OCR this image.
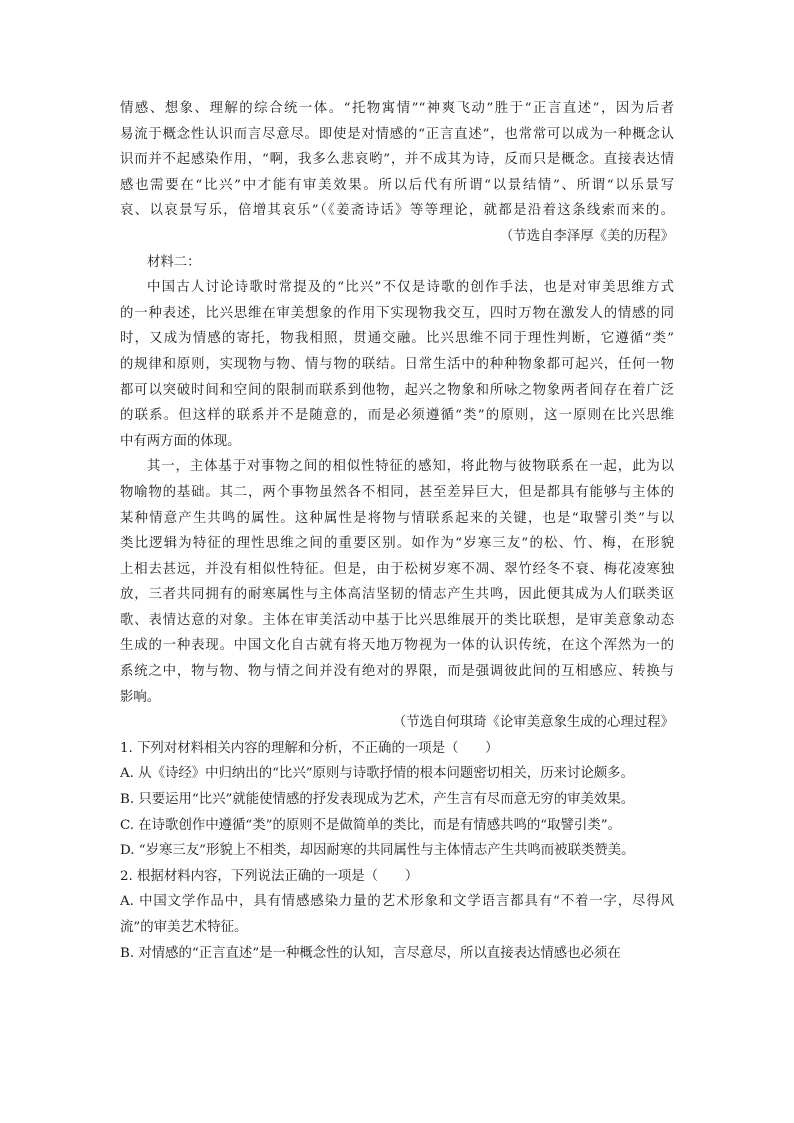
情感、想象、理解的综合统一体。“托物寓情”“神爽飞动”胜于“正言直述”，因为后者
易流于概念性认识而言尽意尽。即使是对情感的“正言直述”，也常常可以成为一种概念认
识而并不起感染作用，“啊，我多么悲哀哟”，并不成其为诗，反而只是概念。直接表达情
感也需要在“比兴”中才能有审美效果。所以后代有所谓“以景结情”、所谓“以乐景写
哀、以哀景写乐，倍增其哀乐”（《姜斋诗话》等等理论，就都是沿着这条线索而来的。
（节选自李泽厚《美的历程》
材料二：
中国古人讨论诗歌时常提及的“比兴”不仅是诗歌的创作手法，也是对审美思维方式
的一种表述，比兴思维在审美想象的作用下实现物我交互，四时万物在激发人的情感的同
时，又成为情感的寄托，物我相照，贯通交融。比兴思维不同于理性判断，它遵循“类”
的规律和原则，实现物与物、情与物的联结。日常生活中的种种物象都可起兴，任何一物
都可以突破时间和空间的限制而联系到他物，起兴之物象和所咏之物象两者间存在着广泛
的联系。但这样的联系并不是随意的，而是必须遵循“类”的原则，这一原则在比兴思维
中有两方面的体现。
其一，主体基于对事物之间的相似性特征的感知，将此物与彼物联系在一起，此为以
物喻物的基础。其二，两个事物虽然各不相同，甚至差异巨大，但是都具有能够与主体的
某种情意产生共鸣的属性。这种属性是将物与情联系起来的关键，也是“取譬引类”与以
类比逻辑为特征的理性思维之间的重要区别。如作为“岁寒三友”的松、竹、梅，在形貌
上相去甚远，并没有相似性特征。但是，由于松树岁寒不凋、翠竹经冬不衰、梅花凌寒独
放，三者共同拥有的耐寒属性与主体高洁坚韧的情志产生共鸣，因此便其成为人们联类讴
歌、表情达意的对象。主体在审美活动中基于比兴思维展开的类比联想，是审美意象动态
生成的一种表现。中国文化自古就有将天地万物视为一体的认识传统，在这个浑然为一的
系统之中，物与物、物与情之间并没有绝对的界限，而是强调彼此间的互相感应、转换与
影响。
（节选自何琪琦《论审美意象生成的心理过程》
1. 下列对材料相关内容的理解和分析，不正确的一项是（　　）
A. 从《诗经》中归纳出的“比兴”原则与诗歌抒情的根本问题密切相关，历来讨论颇多。
B. 只要运用“比兴”就能使情感的抒发表现成为艺术，产生言有尽而意无穷的审美效果。
C. 在诗歌创作中遵循“类”的原则不是做简单的类比，而是有情感共鸣的“取譬引类”。
D. “岁寒三友”形貌上不相类，却因耐寒的共同属性与主体情志产生共鸣而被联类赞美。
2. 根据材料内容，下列说法正确的一项是（　　）
A. 中国文学作品中，具有情感感染力量的艺术形象和文学语言都具有“不着一字，尽得风
流”的审美艺术特征。
B. 对情感的“正言直述”是一种概念性的认知，言尽意尽，所以直接表达情感也必须在
